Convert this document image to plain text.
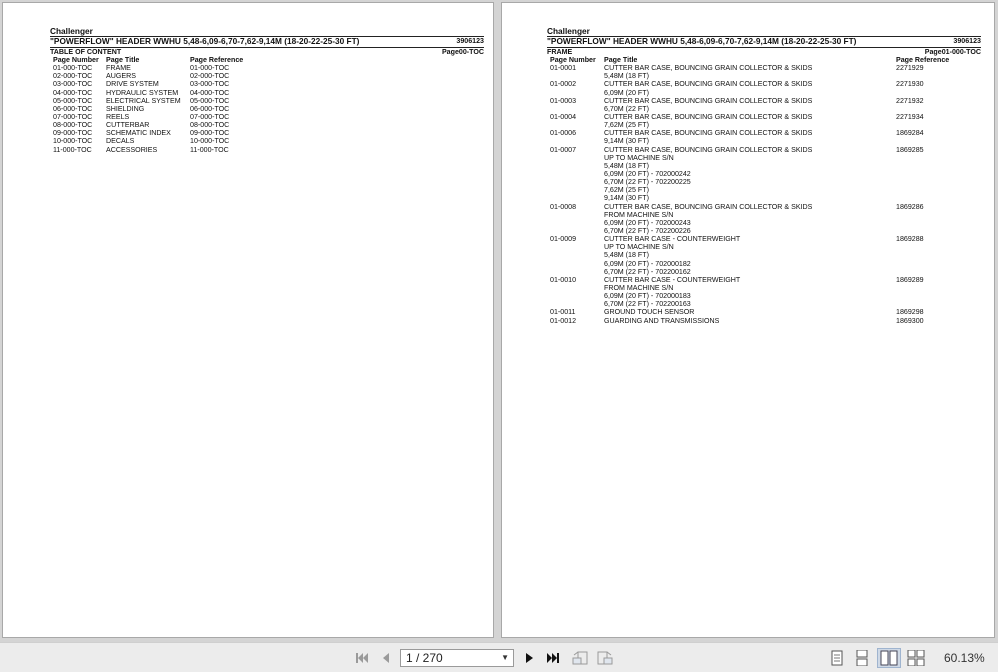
Challenger
"POWERFLOW" HEADER WWHU 5,48-6,09-6,70-7,62-9,14M (18-20-22-25-30 FT)	3906123
TABLE OF CONTENT	Page00-TOC
Page Number Page Title	Page Reference
01-000-TOC FRAME	01-000-TOC
02-000-TOC AUGERS	02-000-TOC
03-000-TOC DRIVE SYSTEM	03-000-TOC
04-000-TOC HYDRAULIC SYSTEM 04-000-TOC
05-000-TOC ELECTRICAL SYSTEM 05-000-TOC
06-000-TOC SHIELDING	06-000-TOC
07-000-TOC REELS	07-000-TOC
08-000-TOC CUTTERBAR	08-000-TOC
09-000-TOC SCHEMATIC INDEX	09-000-TOC
10-000-TOC DECALS	10-000-TOC
11-000-TOC ACCESSORIES	11-000-TOC
Challenger
"POWERFLOW" HEADER WWHU 5,48-6,09-6,70-7,62-9,14M (18-20-22-25-30 FT)	3906123
FRAME	Page01-000-TOC
Page Number Page Title	Page Reference
01-0001	CUTTER BAR CASE, BOUNCING GRAIN COLLECTOR & SKIDS	2271929
5,48M (18 FT)
01-0002	CUTTER BAR CASE, BOUNCING GRAIN COLLECTOR & SKIDS	2271930
6,09M (20 FT)
01-0003	CUTTER BAR CASE, BOUNCING GRAIN COLLECTOR & SKIDS	2271932
6,70M (22 FT)
01-0004	CUTTER BAR CASE, BOUNCING GRAIN COLLECTOR & SKIDS	2271934
7,62M (25 FT)
01-0006	CUTTER BAR CASE, BOUNCING GRAIN COLLECTOR & SKIDS	1869284
9,14M (30 FT)
01-0007	CUTTER BAR CASE, BOUNCING GRAIN COLLECTOR & SKIDS	1869285
UP TO MACHINE S/N
5,48M (18 FT)
6,09M (20 FT) - 702000242
6,70M (22 FT) - 702200225
7,62M (25 FT)
9,14M (30 FT)
01-0008	CUTTER BAR CASE, BOUNCING GRAIN COLLECTOR & SKIDS	1869286
FROM MACHINE S/N
6,09M (20 FT) - 702000243
6,70M (22 FT) - 702200226
01-0009	CUTTER BAR CASE - COUNTERWEIGHT	1869288
UP TO MACHINE S/N
5,48M (18 FT)
6,09M (20 FT) - 702000182
6,70M (22 FT) - 702200162
01-0010	CUTTER BAR CASE - COUNTERWEIGHT	1869289
FROM MACHINE S/N
6,09M (20 FT) - 702000183
6,70M (22 FT) - 702200163
01-0011	GROUND TOUCH SENSOR	1869298
01-0012	GUARDING AND TRANSMISSIONS	1869300
1 / 270	▼	60.13%
